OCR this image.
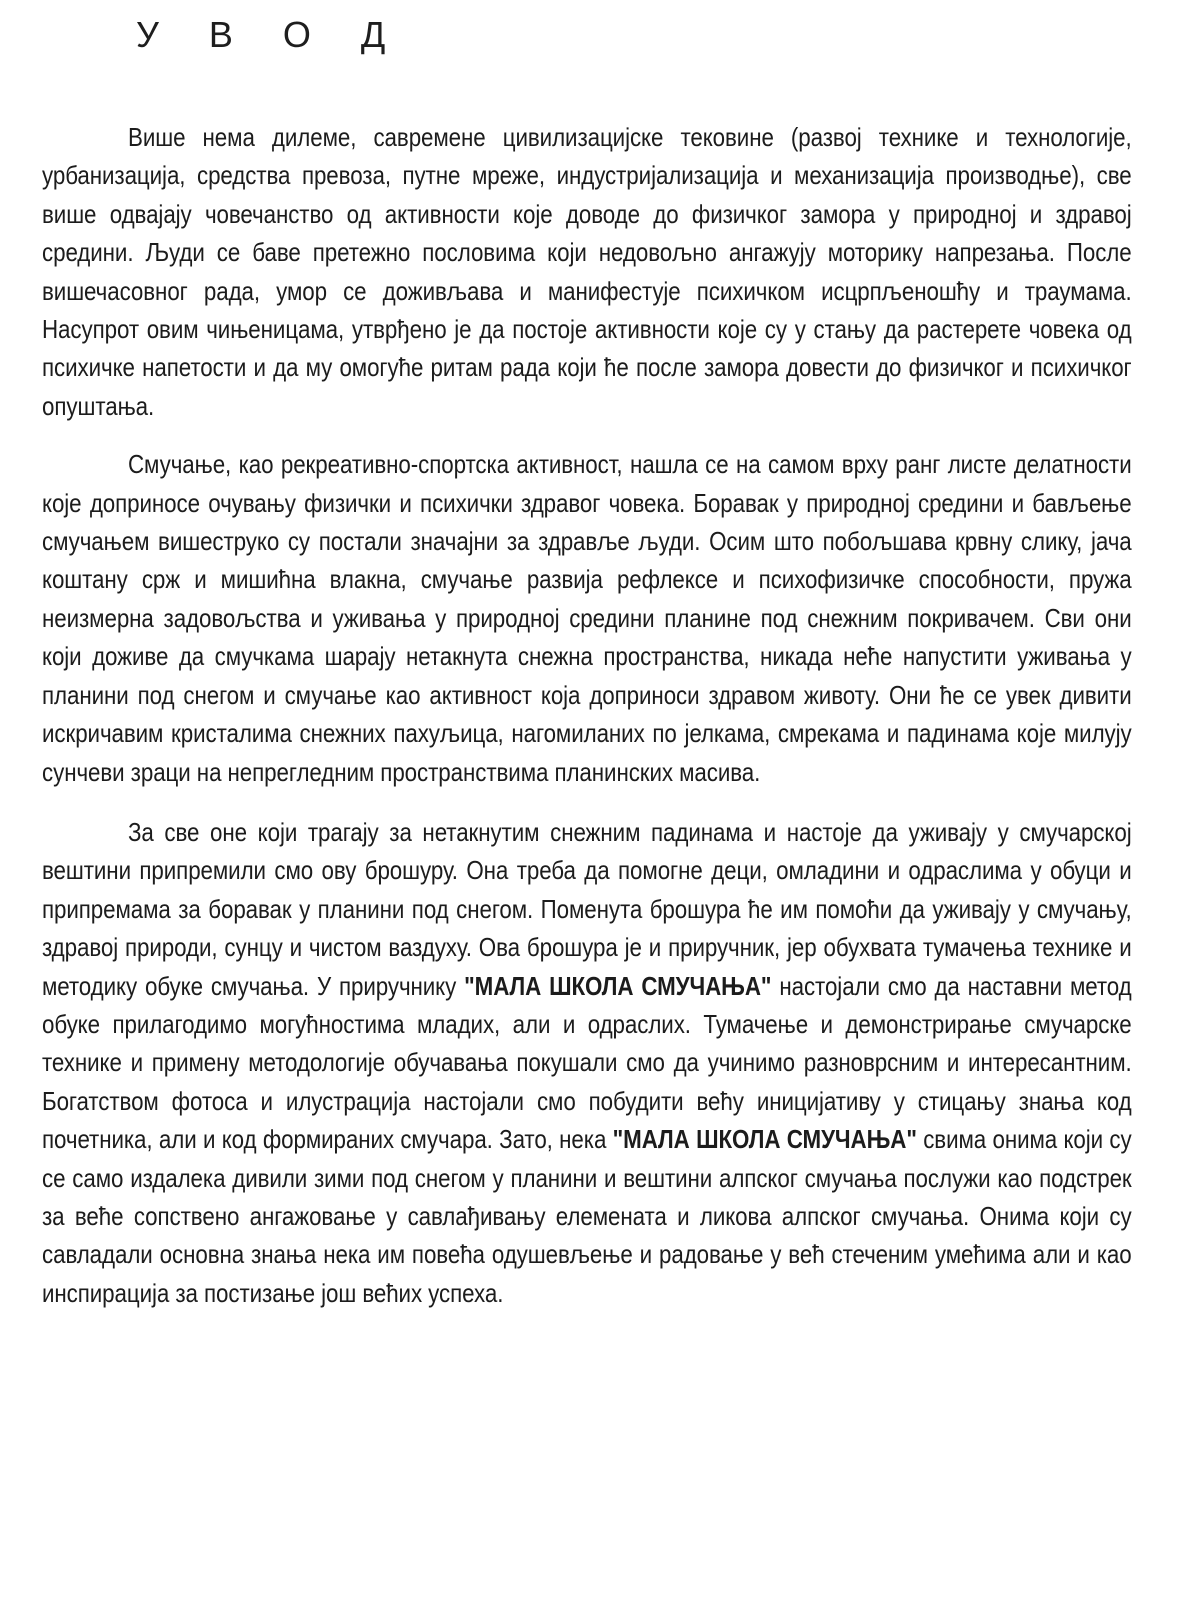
У В О Д

Више нема дилеме, савремене цивилизацијске тековине (развој технике и технологије, урбанизација, средства превоза, путне мреже, индустријализација и механизација производње), све више одвајају човечанство од активности које доводе до физичког замора у природној и здравој средини. Људи се баве претежно пословима који недовољно ангажују моторику напрезања. После вишечасовног рада, умор се доживљава и манифестује психичком исцрпљеношћу и траумама. Насупрот овим чињеницама, утврђено је да постоје активности које су у стању да растерете човека од психичке напетости и да му омогуће ритам рада који ће после замора довести до физичког и психичког опуштања.

Смучање, као рекреативно-спортска активност, нашла се на самом врху ранг листе делатности које доприносе очувању физички и психички здравог човека. Боравак у природној средини и бављење смучањем вишеструко су постали значајни за здравље људи. Осим што побољшава крвну слику, јача коштану срж и мишићна влакна, смучање развија рефлексе и психофизичке способности, пружа неизмерна задовољства и уживања у природној средини планине под снежним покривачем. Сви они који доживе да смучкама шарају нетакнута снежна пространства, никада неће напустити уживања у планини под снегом и смучање као активност која доприноси здравом животу. Они ће се увек дивити искричавим кристалима снежних пахуљица, нагомиланих по јелкама, смрекама и падинама које милују сунчеви зраци на непрегледним пространствима планинских масива.

За све оне који трагају за нетакнутим снежним падинама и настоје да уживају у смучарској вештини припремили смо ову брошуру. Она треба да помогне деци, омладини и одраслима у обуци и припремама за боравак у планини под снегом. Поменута брошура ће им помоћи да уживају у смучању, здравој природи, сунцу и чистом ваздуху. Ова брошура је и приручник, јер обухвата тумачења технике и методику обуке смучања. У приручнику "МАЛА ШКОЛА СМУЧАЊА" настојали смо да наставни метод обуке прилагодимо могућностима младих, али и одраслих. Тумачење и демонстрирање смучарске технике и примену методологије обучавања покушали смо да учинимо разноврсним и интересантним. Богатством фотоса и илустрација настојали смо побудити већу иницијативу у стицању знања код почетника, али и код формираних смучара. Зато, нека "МАЛА ШКОЛА СМУЧАЊА" свима онима који су се само издалека дивили зими под снегом у планини и вештини алпског смучања послужи као подстрек за веће сопствено ангажовање у савлађивању елемената и ликова алпског смучања. Онима који су савладали основна знања нека им повећа одушевљење и радовање у већ стеченим умећима али и као инспирација за постизање још већих успеха.
